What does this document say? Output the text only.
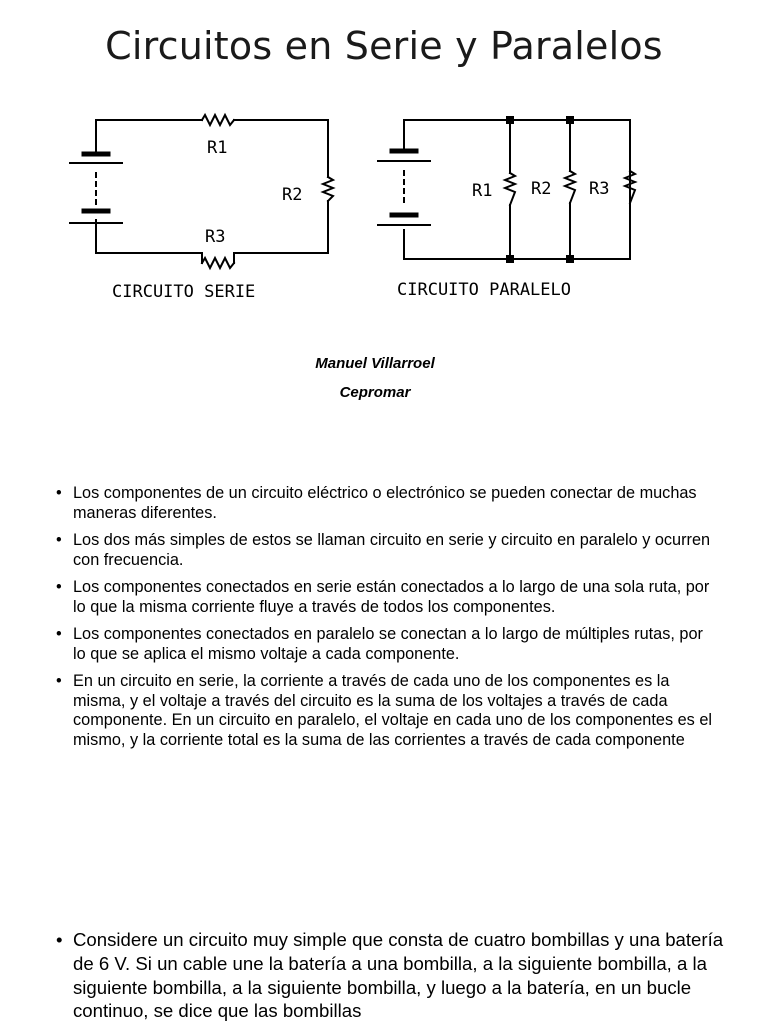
Circuitos en Serie y Paralelos
R1
R2
R3
R1 R2 R3
CIRCUITO SERIE	CIRCUITO PARALELO
Manuel Villarroel
Cepromar
• Los componentes de un circuito eléctrico o electrónico se pueden conectar de muchas maneras diferentes.
• Los dos más simples de estos se llaman circuito en serie y circuito en paralelo y ocurren con frecuencia.
• Los componentes conectados en serie están conectados a lo largo de una sola ruta, por lo que la misma corriente fluye a través de todos los componentes.
• Los componentes conectados en paralelo se conectan a lo largo de múltiples rutas, por lo que se aplica el mismo voltaje a cada componente.
• En un circuito en serie, la corriente a través de cada uno de los componentes es la misma, y el voltaje a través del circuito es la suma de los voltajes a través de cada componente. En un circuito en paralelo, el voltaje en cada uno de los componentes es el mismo, y la corriente total es la suma de las corrientes a través de cada componente
• Considere un circuito muy simple que consta de cuatro bombillas y una batería de 6 V. Si un cable une la batería a una bombilla, a la siguiente bombilla, a la siguiente bombilla, a la siguiente bombilla, y luego a la batería, en un bucle continuo, se dice que las bombillas
